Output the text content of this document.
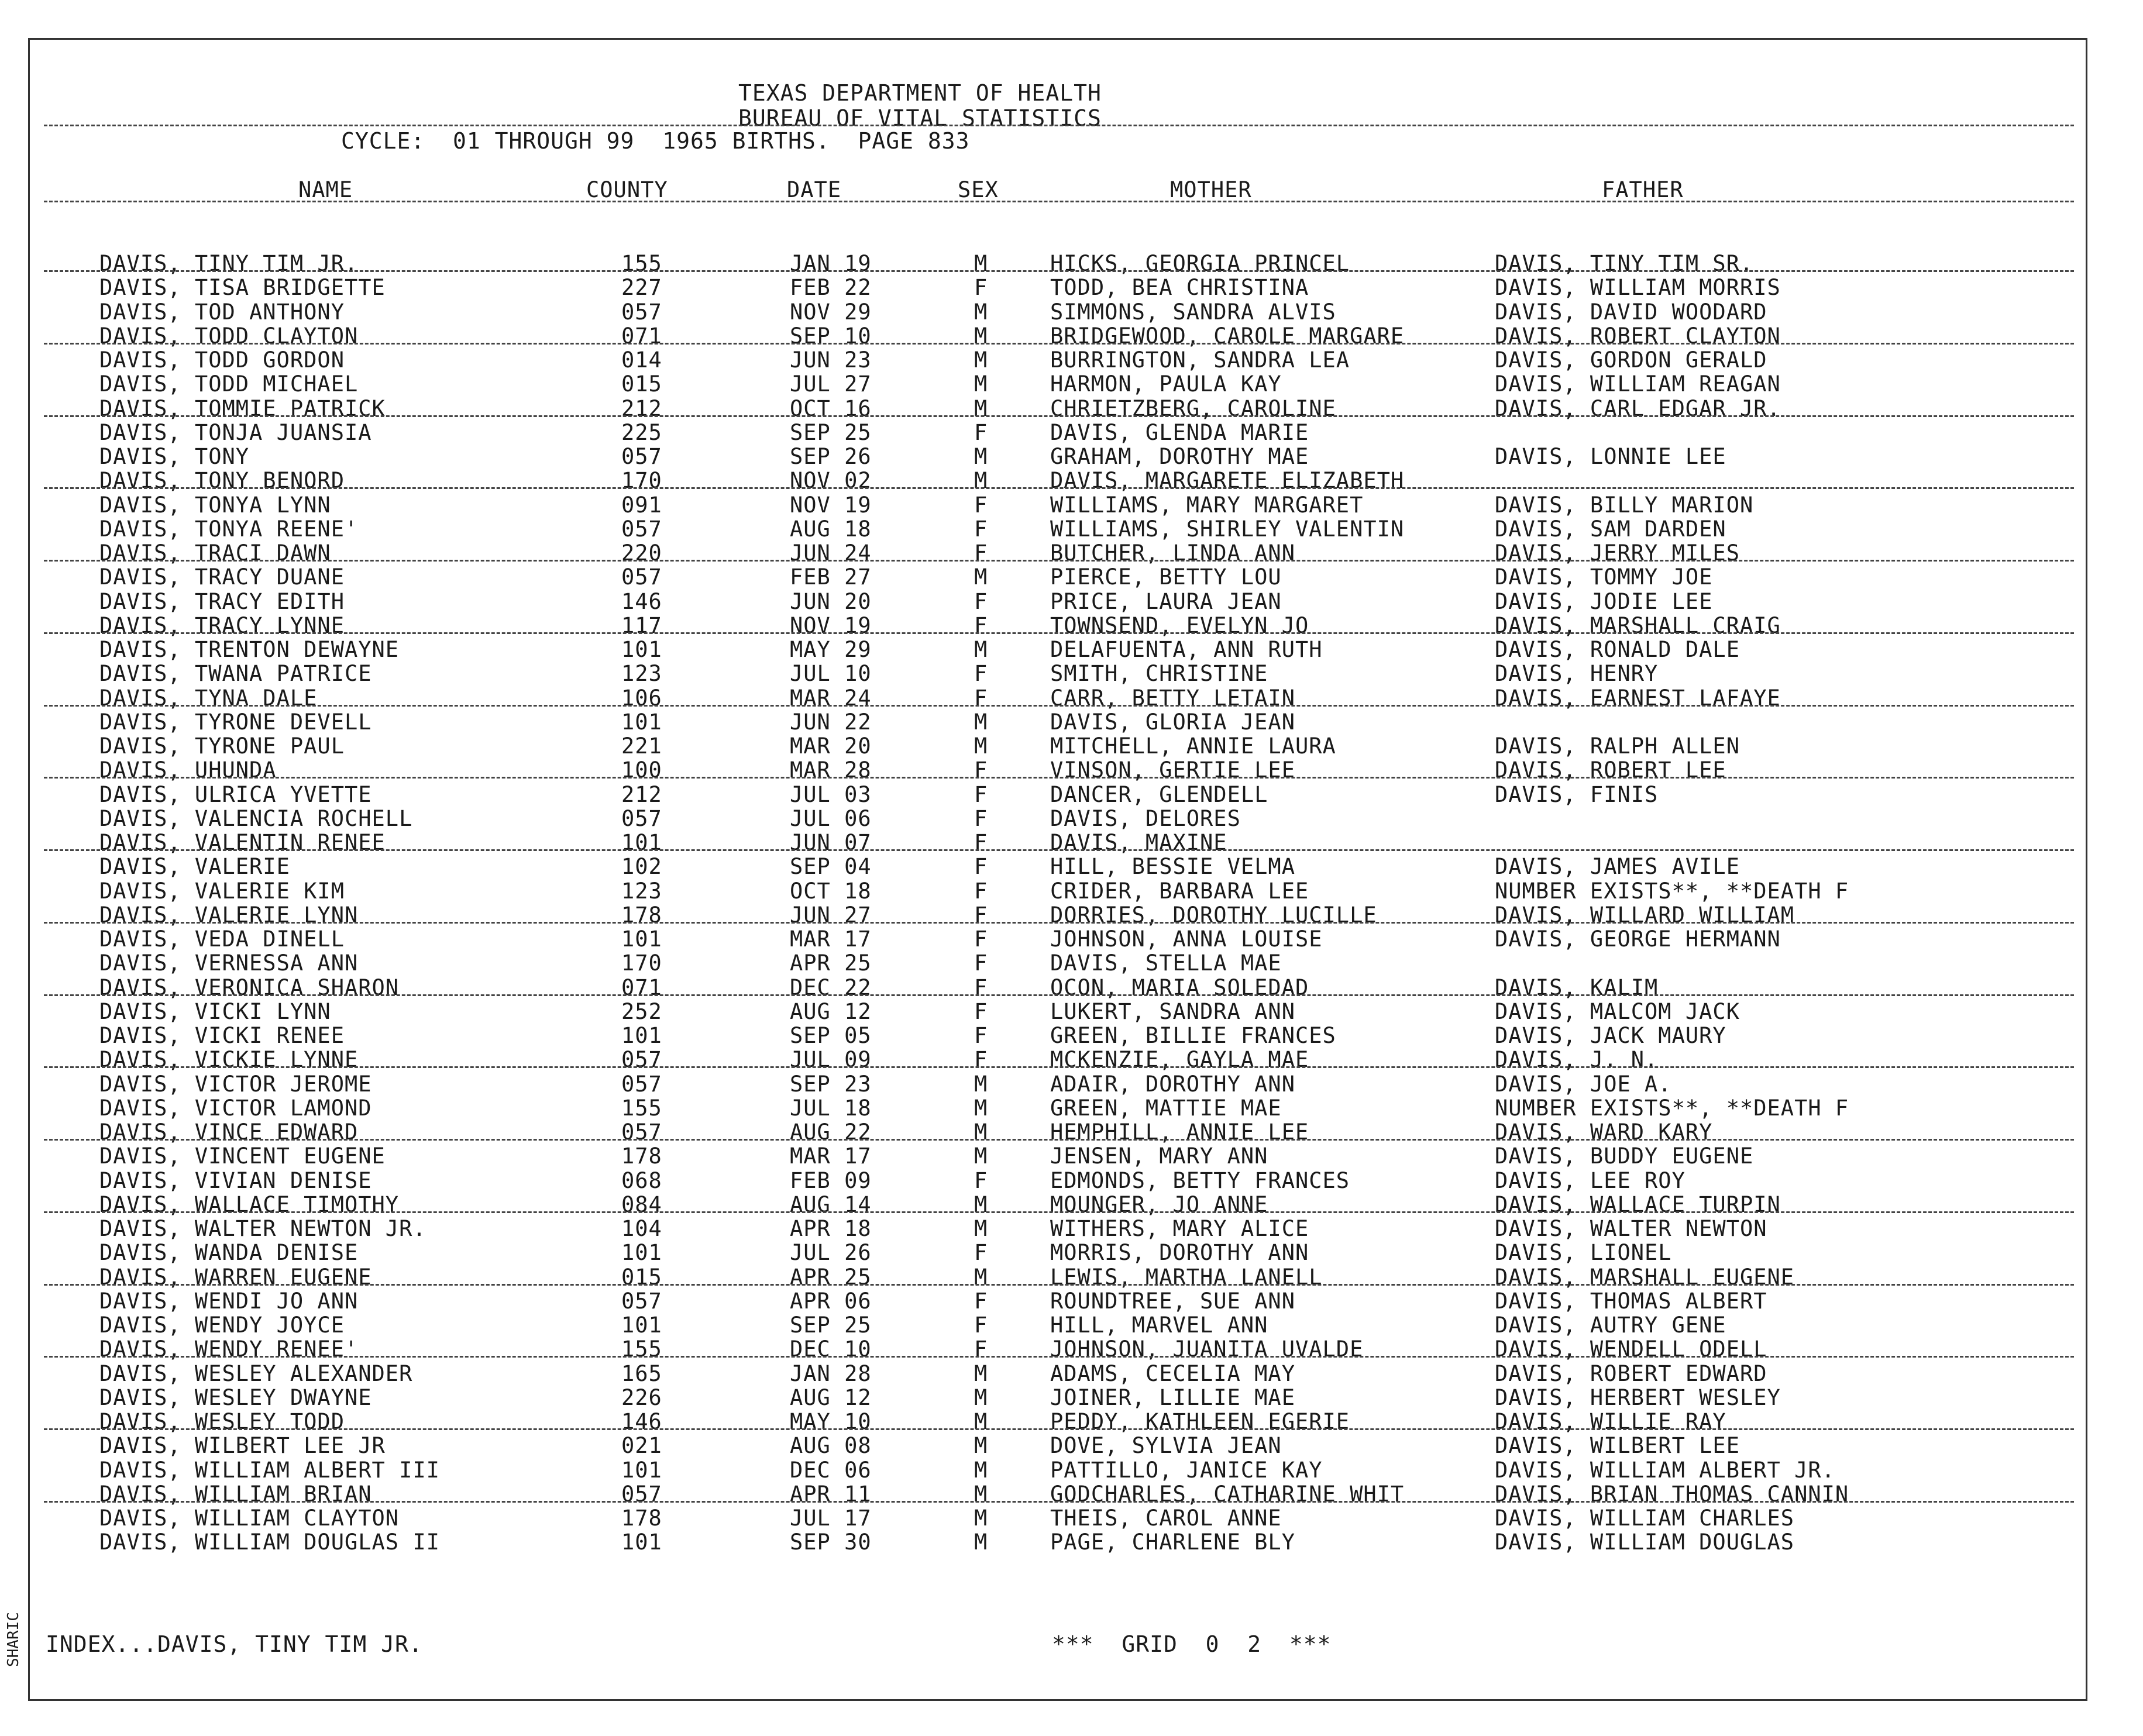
TEXAS DEPARTMENT OF HEALTH
BUREAU OF VITAL STATISTICS
CYCLE:  01 THROUGH 99  1965 BIRTHS.  PAGE 833
NAME	COUNTY	DATE	SEX	MOTHER	FATHER
DAVIS, TINY TIM JR.	155	JAN 19	M	HICKS, GEORGIA PRINCEL	DAVIS, TINY TIM SR.
DAVIS, TISA BRIDGETTE	227	FEB 22	F	TODD, BEA CHRISTINA	DAVIS, WILLIAM MORRIS
DAVIS, TOD ANTHONY	057	NOV 29	M	SIMMONS, SANDRA ALVIS	DAVIS, DAVID WOODARD
DAVIS, TODD CLAYTON	071	SEP 10	M	BRIDGEWOOD, CAROLE MARGARE	DAVIS, ROBERT CLAYTON
DAVIS, TODD GORDON	014	JUN 23	M	BURRINGTON, SANDRA LEA	DAVIS, GORDON GERALD
DAVIS, TODD MICHAEL	015	JUL 27	M	HARMON, PAULA KAY	DAVIS, WILLIAM REAGAN
DAVIS, TOMMIE PATRICK	212	OCT 16	M	CHRIETZBERG, CAROLINE	DAVIS, CARL EDGAR JR.
DAVIS, TONJA JUANSIA	225	SEP 25	F	DAVIS, GLENDA MARIE
DAVIS, TONY	057	SEP 26	M	GRAHAM, DOROTHY MAE	DAVIS, LONNIE LEE
DAVIS, TONY BENORD	170	NOV 02	M	DAVIS, MARGARETE ELIZABETH
DAVIS, TONYA LYNN	091	NOV 19	F	WILLIAMS, MARY MARGARET	DAVIS, BILLY MARION
DAVIS, TONYA REENE'	057	AUG 18	F	WILLIAMS, SHIRLEY VALENTIN	DAVIS, SAM DARDEN
DAVIS, TRACI DAWN	220	JUN 24	F	BUTCHER, LINDA ANN	DAVIS, JERRY MILES
DAVIS, TRACY DUANE	057	FEB 27	M	PIERCE, BETTY LOU	DAVIS, TOMMY JOE
DAVIS, TRACY EDITH	146	JUN 20	F	PRICE, LAURA JEAN	DAVIS, JODIE LEE
DAVIS, TRACY LYNNE	117	NOV 19	F	TOWNSEND, EVELYN JO	DAVIS, MARSHALL CRAIG
DAVIS, TRENTON DEWAYNE	101	MAY 29	M	DELAFUENTA, ANN RUTH	DAVIS, RONALD DALE
DAVIS, TWANA PATRICE	123	JUL 10	F	SMITH, CHRISTINE	DAVIS, HENRY
DAVIS, TYNA DALE	106	MAR 24	F	CARR, BETTY LETAIN	DAVIS, EARNEST LAFAYE
DAVIS, TYRONE DEVELL	101	JUN 22	M	DAVIS, GLORIA JEAN
DAVIS, TYRONE PAUL	221	MAR 20	M	MITCHELL, ANNIE LAURA	DAVIS, RALPH ALLEN
DAVIS, UHUNDA	100	MAR 28	F	VINSON, GERTIE LEE	DAVIS, ROBERT LEE
DAVIS, ULRICA YVETTE	212	JUL 03	F	DANCER, GLENDELL	DAVIS, FINIS
DAVIS, VALENCIA ROCHELL	057	JUL 06	F	DAVIS, DELORES
DAVIS, VALENTIN RENEE	101	JUN 07	F	DAVIS, MAXINE
DAVIS, VALERIE	102	SEP 04	F	HILL, BESSIE VELMA	DAVIS, JAMES AVILE
DAVIS, VALERIE KIM	123	OCT 18	F	CRIDER, BARBARA LEE	NUMBER EXISTS**, **DEATH F
DAVIS, VALERIE LYNN	178	JUN 27	F	DORRIES, DOROTHY LUCILLE	DAVIS, WILLARD WILLIAM
DAVIS, VEDA DINELL	101	MAR 17	F	JOHNSON, ANNA LOUISE	DAVIS, GEORGE HERMANN
DAVIS, VERNESSA ANN	170	APR 25	F	DAVIS, STELLA MAE
DAVIS, VERONICA SHARON	071	DEC 22	F	OCON, MARIA SOLEDAD	DAVIS, KALIM
DAVIS, VICKI LYNN	252	AUG 12	F	LUKERT, SANDRA ANN	DAVIS, MALCOM JACK
DAVIS, VICKI RENEE	101	SEP 05	F	GREEN, BILLIE FRANCES	DAVIS, JACK MAURY
DAVIS, VICKIE LYNNE	057	JUL 09	F	MCKENZIE, GAYLA MAE	DAVIS, J. N.
DAVIS, VICTOR JEROME	057	SEP 23	M	ADAIR, DOROTHY ANN	DAVIS, JOE A.
DAVIS, VICTOR LAMOND	155	JUL 18	M	GREEN, MATTIE MAE	NUMBER EXISTS**, **DEATH F
DAVIS, VINCE EDWARD	057	AUG 22	M	HEMPHILL, ANNIE LEE	DAVIS, WARD KARY
DAVIS, VINCENT EUGENE	178	MAR 17	M	JENSEN, MARY ANN	DAVIS, BUDDY EUGENE
DAVIS, VIVIAN DENISE	068	FEB 09	F	EDMONDS, BETTY FRANCES	DAVIS, LEE ROY
DAVIS, WALLACE TIMOTHY	084	AUG 14	M	MOUNGER, JO ANNE	DAVIS, WALLACE TURPIN
DAVIS, WALTER NEWTON JR.	104	APR 18	M	WITHERS, MARY ALICE	DAVIS, WALTER NEWTON
DAVIS, WANDA DENISE	101	JUL 26	F	MORRIS, DOROTHY ANN	DAVIS, LIONEL
DAVIS, WARREN EUGENE	015	APR 25	M	LEWIS, MARTHA LANELL	DAVIS, MARSHALL EUGENE
DAVIS, WENDI JO ANN	057	APR 06	F	ROUNDTREE, SUE ANN	DAVIS, THOMAS ALBERT
DAVIS, WENDY JOYCE	101	SEP 25	F	HILL, MARVEL ANN	DAVIS, AUTRY GENE
DAVIS, WENDY RENEE'	155	DEC 10	F	JOHNSON, JUANITA UVALDE	DAVIS, WENDELL ODELL
DAVIS, WESLEY ALEXANDER	165	JAN 28	M	ADAMS, CECELIA MAY	DAVIS, ROBERT EDWARD
DAVIS, WESLEY DWAYNE	226	AUG 12	M	JOINER, LILLIE MAE	DAVIS, HERBERT WESLEY
DAVIS, WESLEY TODD	146	MAY 10	M	PEDDY, KATHLEEN EGERIE	DAVIS, WILLIE RAY
DAVIS, WILBERT LEE JR	021	AUG 08	M	DOVE, SYLVIA JEAN	DAVIS, WILBERT LEE
DAVIS, WILLIAM ALBERT III	101	DEC 06	M	PATTILLO, JANICE KAY	DAVIS, WILLIAM ALBERT JR.
DAVIS, WILLIAM BRIAN	057	APR 11	M	GODCHARLES, CATHARINE WHIT	DAVIS, BRIAN THOMAS CANNIN
DAVIS, WILLIAM CLAYTON	178	JUL 17	M	THEIS, CAROL ANNE	DAVIS, WILLIAM CHARLES
DAVIS, WILLIAM DOUGLAS II	101	SEP 30	M	PAGE, CHARLENE BLY	DAVIS, WILLIAM DOUGLAS
INDEX...DAVIS, TINY TIM JR.	***  GRID  0  2  ***
SHARIC
